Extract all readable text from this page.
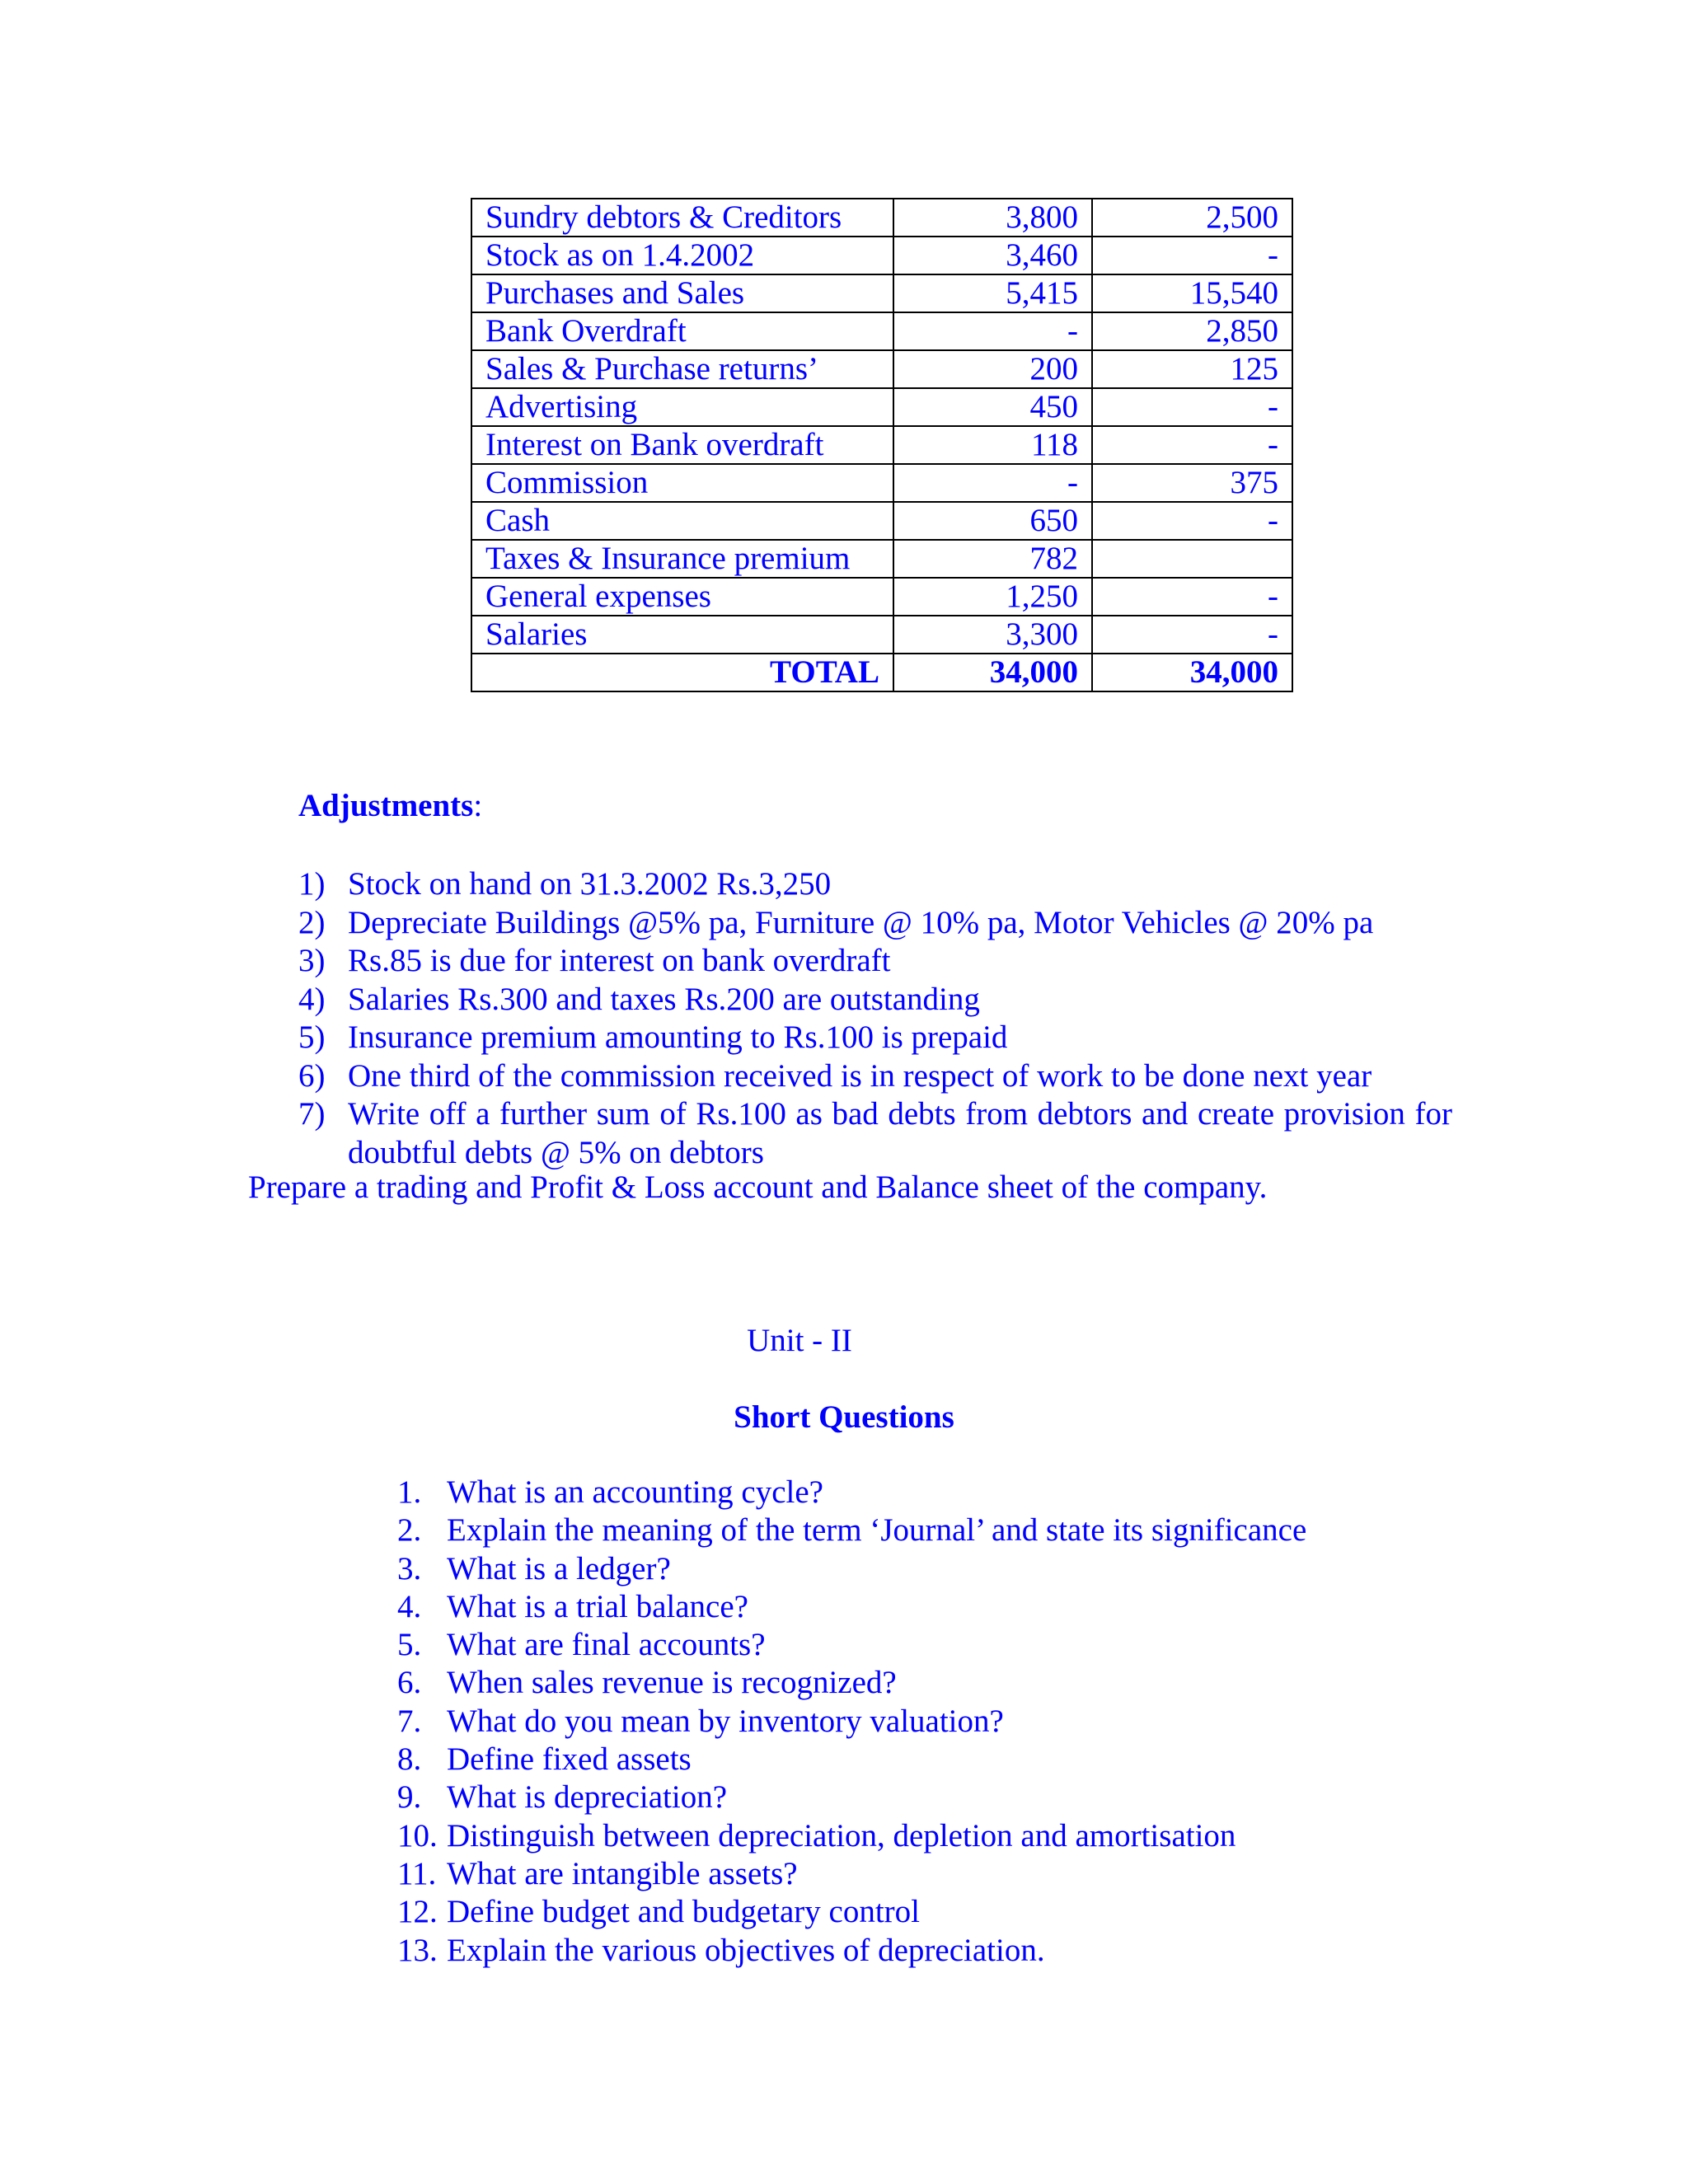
Sundry debtors & Creditors	3,800	2,500
Stock as on 1.4.2002	3,460	-
Purchases and Sales	5,415	15,540
Bank Overdraft	-	2,850
Sales & Purchase returns’	200	125
Advertising	450	-
Interest on Bank overdraft	118	-
Commission	-	375
Cash	650	-
Taxes & Insurance premium	782	
General expenses	1,250	-
Salaries	3,300	-
TOTAL	34,000	34,000

Adjustments:

1) Stock on hand on 31.3.2002 Rs.3,250
2) Depreciate Buildings @5% pa, Furniture @ 10% pa, Motor Vehicles @ 20% pa
3) Rs.85 is due for interest on bank overdraft
4) Salaries Rs.300 and taxes Rs.200 are outstanding
5) Insurance premium amounting to Rs.100 is prepaid
6) One third of the commission received is in respect of work to be done next year
7) Write off a further sum of Rs.100 as bad debts from debtors and create provision for doubtful debts @ 5% on debtors

Prepare a trading and Profit & Loss account and Balance sheet of the company.

Unit - II

Short Questions

1. What is an accounting cycle?
2. Explain the meaning of the term ‘Journal’ and state its significance
3. What is a ledger?
4. What is a trial balance?
5. What are final accounts?
6. When sales revenue is recognized?
7. What do you mean by inventory valuation?
8. Define fixed assets
9. What is depreciation?
10. Distinguish between depreciation, depletion and amortisation
11. What are intangible assets?
12. Define budget and budgetary control
13. Explain the various objectives of depreciation.
